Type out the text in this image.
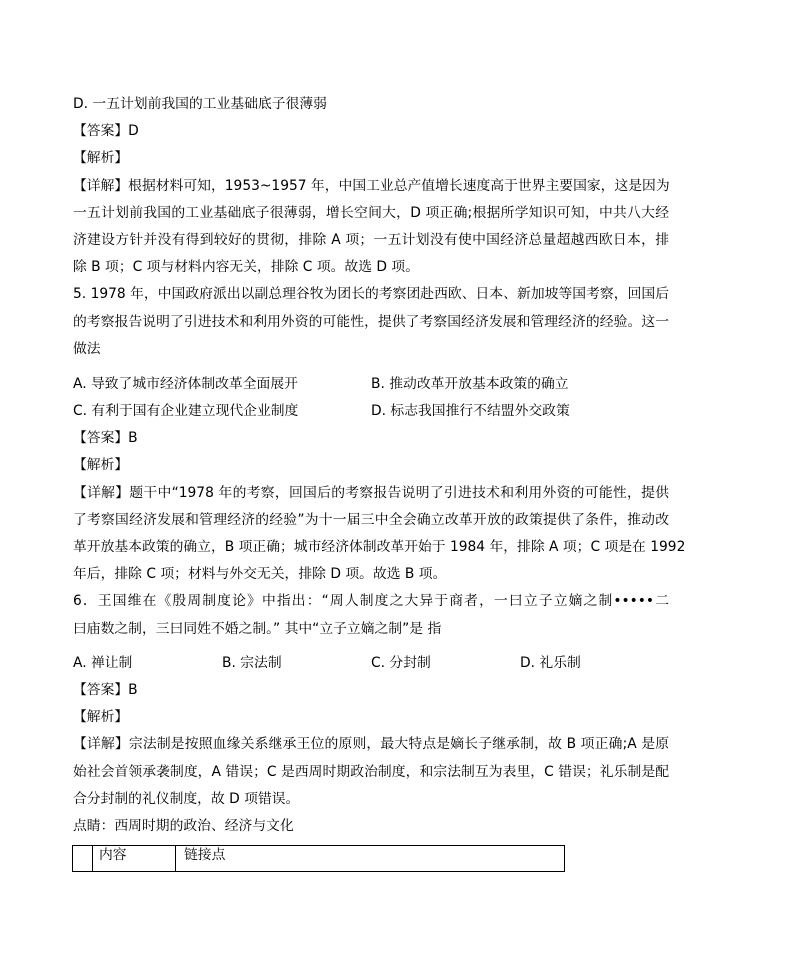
D. 一五计划前我国的工业基础底子很薄弱
【答案】D
【解析】
【详解】根据材料可知，1953~1957 年，中国工业总产值增长速度高于世界主要国家，这是因为
一五计划前我国的工业基础底子很薄弱，增长空间大，D 项正确;根据所学知识可知，中共八大经
济建设方针并没有得到较好的贯彻，排除 A 项；一五计划没有使中国经济总量超越西欧日本，排
除 B 项；C 项与材料内容无关，排除 C 项。故选 D 项。
5. 1978 年，中国政府派出以副总理谷牧为团长的考察团赴西欧、日本、新加坡等国考察，回国后
的考察报告说明了引进技术和利用外资的可能性，提供了考察国经济发展和管理经济的经验。这一
做法
A. 导致了城市经济体制改革全面展开	B. 推动改革开放基本政策的确立
C. 有利于国有企业建立现代企业制度	D. 标志我国推行不结盟外交政策
【答案】B
【解析】
【详解】题干中“1978 年的考察，回国后的考察报告说明了引进技术和利用外资的可能性，提供
了考察国经济发展和管理经济的经验”为十一届三中全会确立改革开放的政策提供了条件，推动改
革开放基本政策的确立，B 项正确；城市经济体制改革开始于 1984 年，排除 A 项；C 项是在 1992
年后，排除 C 项；材料与外交无关，排除 D 项。故选 B 项。
6．王国维在《殷周制度论》中指出：“周人制度之大异于商者，一曰立子立嫡之制•••••二
曰庙数之制，三曰同姓不婚之制。” 其中“立子立嫡之制”是 指
A. 禅让制	B. 宗法制	C. 分封制	D. 礼乐制
【答案】B
【解析】
【详解】宗法制是按照血缘关系继承王位的原则，最大特点是嫡长子继承制，故 B 项正确;A 是原
始社会首领承袭制度，A 错误；C 是西周时期政治制度，和宗法制互为表里，C 错误；礼乐制是配
合分封制的礼仪制度，故 D 项错误。
点睛：西周时期的政治、经济与文化
	内容	链接点
